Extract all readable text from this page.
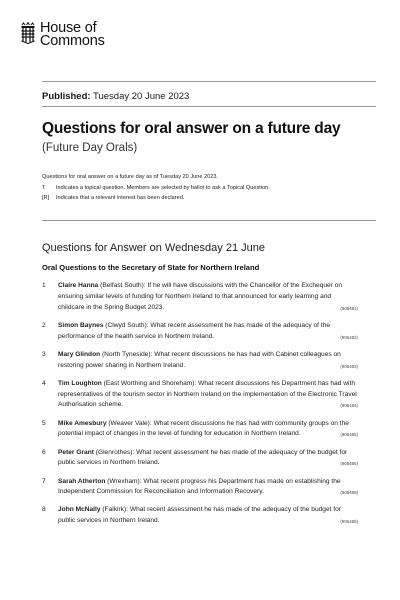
House of
Commons
Published: Tuesday 20 June 2023
Questions for oral answer on a future day
(Future Day Orals)
Questions for oral answer on a future day as of Tuesday 20 June 2023.
T	Indicates a topical question. Members are selected by ballot to ask a Topical Question.
[R]	Indicates that a relevant interest has been declared.
Questions for Answer on Wednesday 21 June
Oral Questions to the Secretary of State for Northern Ireland
1	Claire Hanna (Belfast South): If he will have discussions with the Chancellor of the Exchequer on ensuring similar levels of funding for Northern Ireland to that announced for early learning and childcare in the Spring Budget 2023.	(905481)
2	Simon Baynes (Clwyd South): What recent assessment he has made of the adequacy of the performance of the health service in Northern Ireland.	(905482)
3	Mary Glindon (North Tyneside): What recent discussions he has had with Cabinet colleagues on restoring power sharing in Northern Ireland.	(905483)
4	Tim Loughton (East Worthing and Shoreham): What recent discussions his Department has had with representatives of the tourism sector in Northern Ireland on the implementation of the Electronic Travel Authorisation scheme.	(905484)
5	Mike Amesbury (Weaver Vale): What recent discussions he has had with community groups on the potential impact of changes in the level of funding for education in Northern Ireland.	(905485)
6	Peter Grant (Glenrothes): What recent assessment he has made of the adequacy of the budget for public services in Northern Ireland.	(905486)
7	Sarah Atherton (Wrexham): What recent progress his Department has made on establishing the Independent Commission for Reconciliation and Information Recovery.	(905488)
8	John McNally (Falkirk): What recent assessment he has made of the adequacy of the budget for public services in Northern Ireland.	(905489)
